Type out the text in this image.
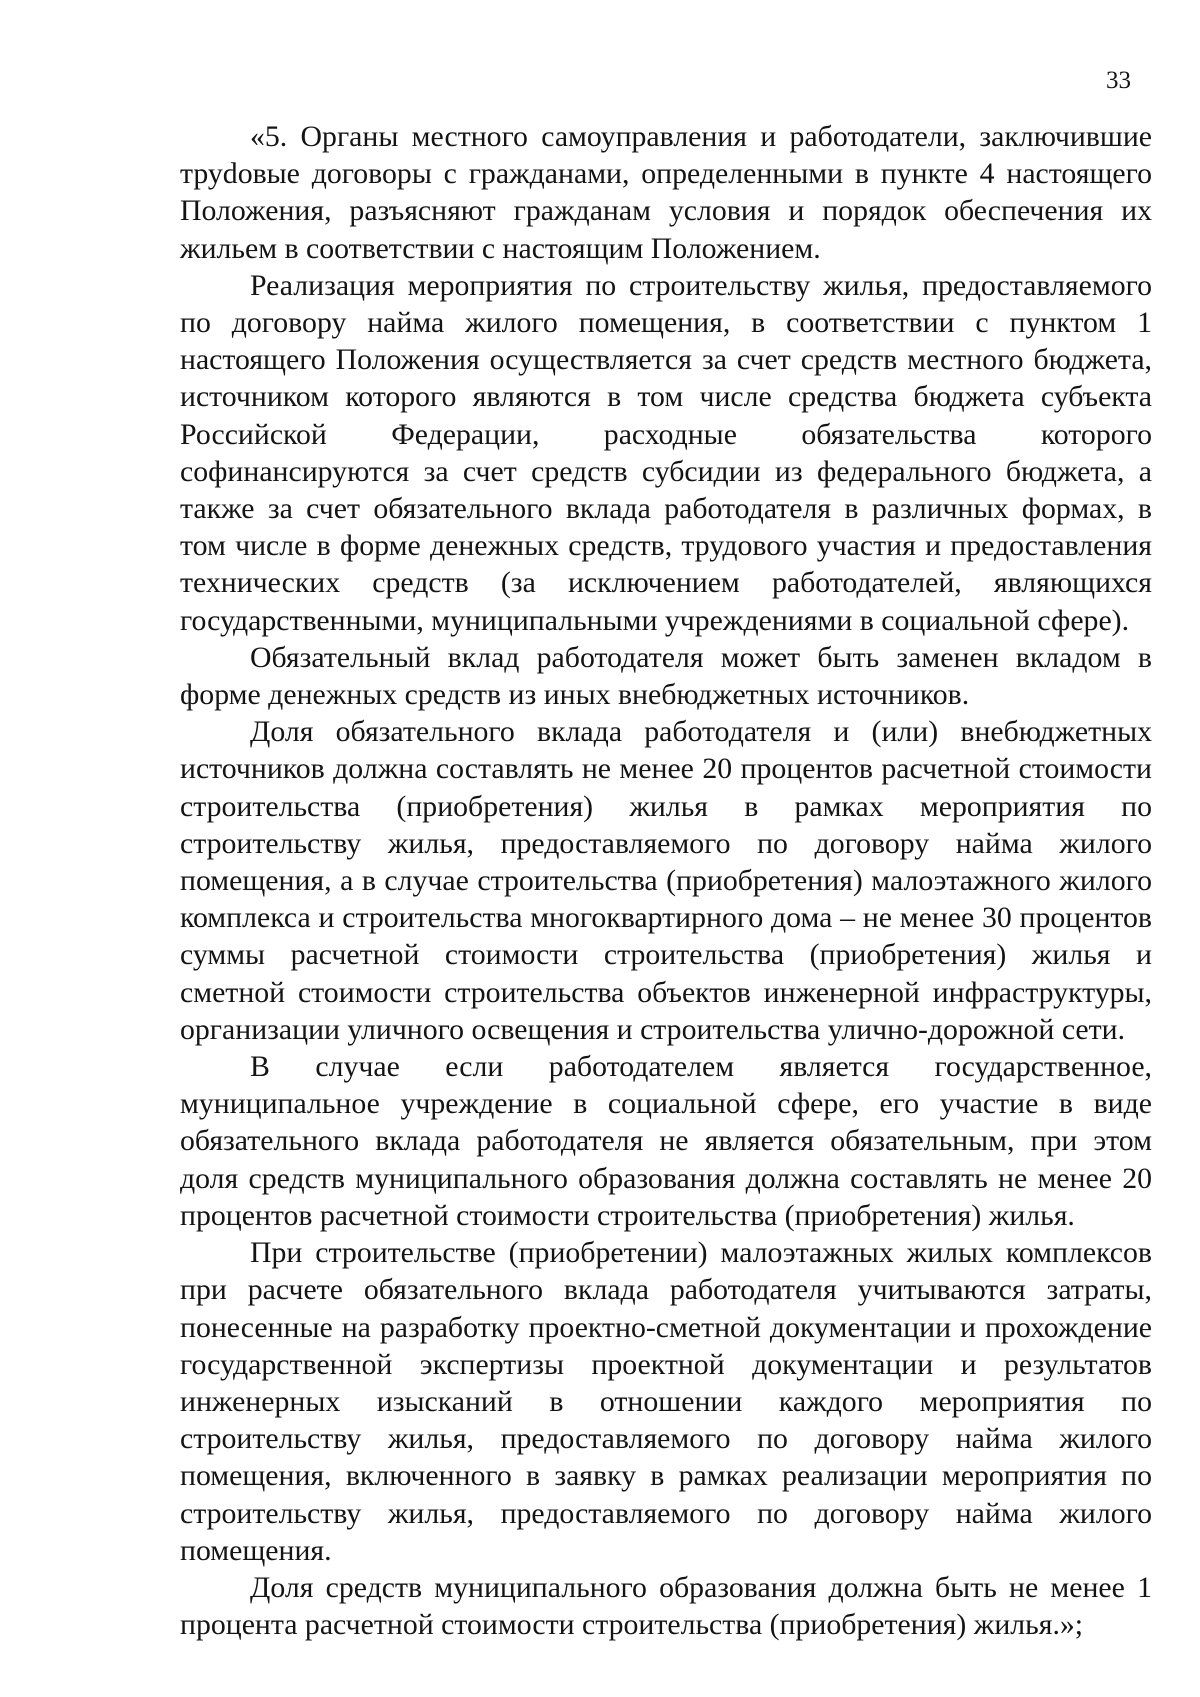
33

«5. Органы местного самоуправления и работодатели, заключившие труdовые договоры с гражданами, определенными в пункте 4 настоящего Положения, разъясняют гражданам условия и порядок обеспечения их жильем в соответствии с настоящим Положением.

Реализация мероприятия по строительству жилья, предоставляемого по договору найма жилого помещения, в соответствии с пунктом 1 настоящего Положения осуществляется за счет средств местного бюджета, источником которого являются в том числе средства бюджета субъекта Российской Федерации, расходные обязательства которого софинансируются за счет средств субсидии из федерального бюджета, а также за счет обязательного вклада работодателя в различных формах, в том числе в форме денежных средств, трудового участия и предоставления технических средств (за исключением работодателей, являющихся государственными, муниципальными учреждениями в социальной сфере).

Обязательный вклад работодателя может быть заменен вкладом в форме денежных средств из иных внебюджетных источников.

Доля обязательного вклада работодателя и (или) внебюджетных источников должна составлять не менее 20 процентов расчетной стоимости строительства (приобретения) жилья в рамках мероприятия по строительству жилья, предоставляемого по договору найма жилого помещения, а в случае строительства (приобретения) малоэтажного жилого комплекса и строительства многоквартирного дома – не менее 30 процентов суммы расчетной стоимости строительства (приобретения) жилья и сметной стоимости строительства объектов инженерной инфраструктуры, организации уличного освещения и строительства улично-дорожной сети.

В случае если работодателем является государственное, муниципальное учреждение в социальной сфере, его участие в виде обязательного вклада работодателя не является обязательным, при этом доля средств муниципального образования должна составлять не менее 20 процентов расчетной стоимости строительства (приобретения) жилья.

При строительстве (приобретении) малоэтажных жилых комплексов при расчете обязательного вклада работодателя учитываются затраты, понесенные на разработку проектно-сметной документации и прохождение государственной экспертизы проектной документации и результатов инженерных изысканий в отношении каждого мероприятия по строительству жилья, предоставляемого по договору найма жилого помещения, включенного в заявку в рамках реализации мероприятия по строительству жилья, предоставляемого по договору найма жилого помещения.

Доля средств муниципального образования должна быть не менее 1 процента расчетной стоимости строительства (приобретения) жилья.»;
